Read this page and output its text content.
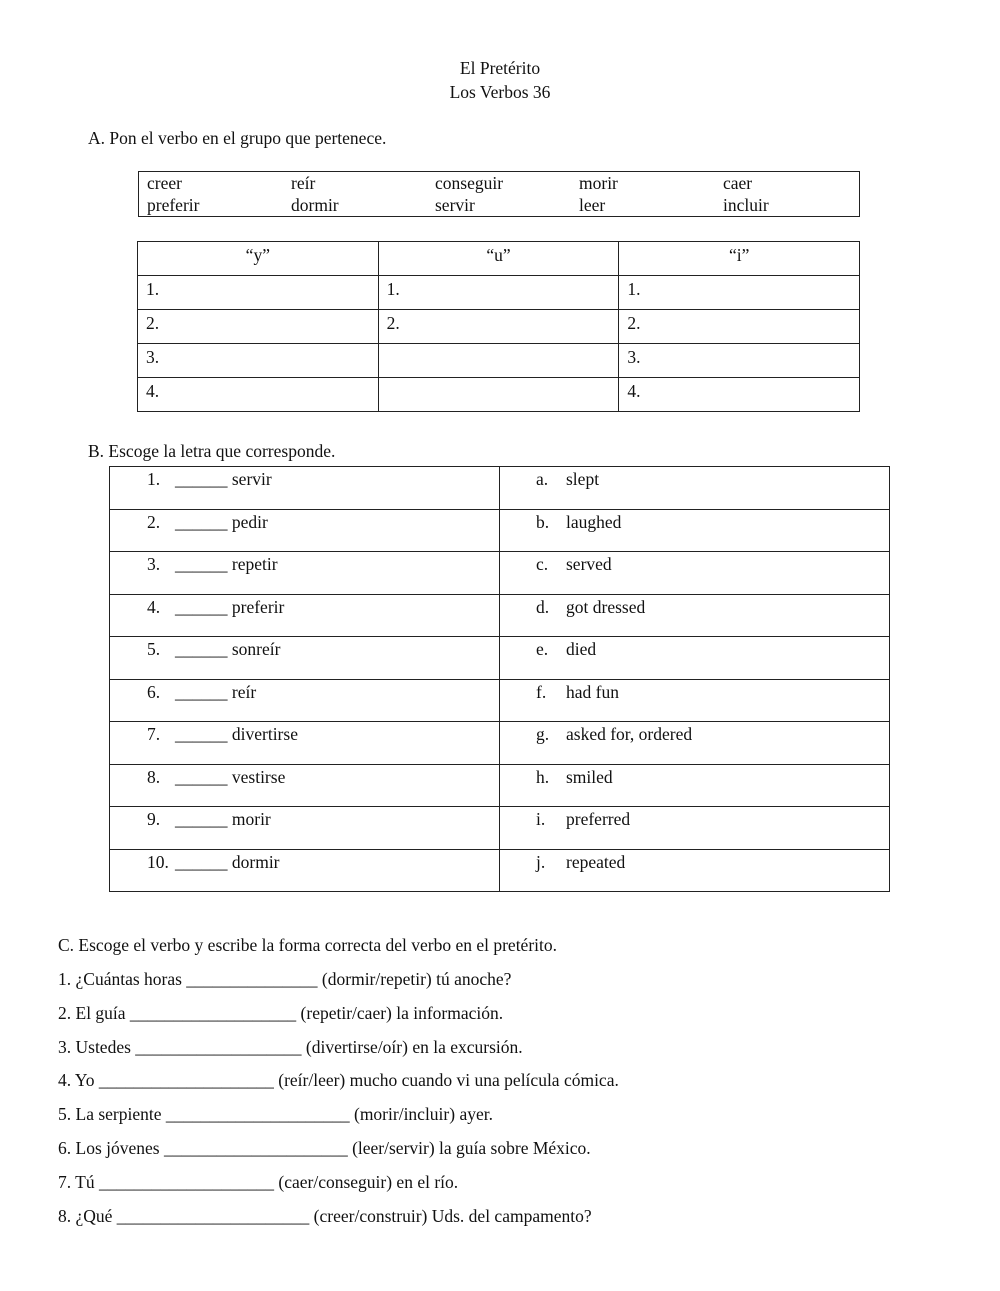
El Pretérito
Los Verbos 36
A. Pon el verbo en el grupo que pertenece.
creer	reír	conseguir	morir	caer
preferir	dormir	servir	leer	incluir
“y”	“u”	“i”
1.	1.	1.
2.	2.	2.
3.		3.
4.		4.
B. Escoge la letra que corresponde.
1. ______ servir	a. slept
2. ______ pedir	b. laughed
3. ______ repetir	c. served
4. ______ preferir	d. got dressed
5. ______ sonreír	e. died
6. ______ reír	f. had fun
7. ______ divertirse	g. asked for, ordered
8. ______ vestirse	h. smiled
9. ______ morir	i. preferred
10. ______ dormir	j. repeated
C. Escoge el verbo y escribe la forma correcta del verbo en el pretérito.
1. ¿Cuántas horas _______________ (dormir/repetir) tú anoche?
2. El guía ___________________ (repetir/caer) la información.
3. Ustedes ___________________ (divertirse/oír) en la excursión.
4. Yo ____________________ (reír/leer) mucho cuando vi una película cómica.
5. La serpiente _____________________ (morir/incluir) ayer.
6. Los jóvenes _____________________ (leer/servir) la guía sobre México.
7. Tú ____________________ (caer/conseguir) en el río.
8. ¿Qué ______________________ (creer/construir) Uds. del campamento?
